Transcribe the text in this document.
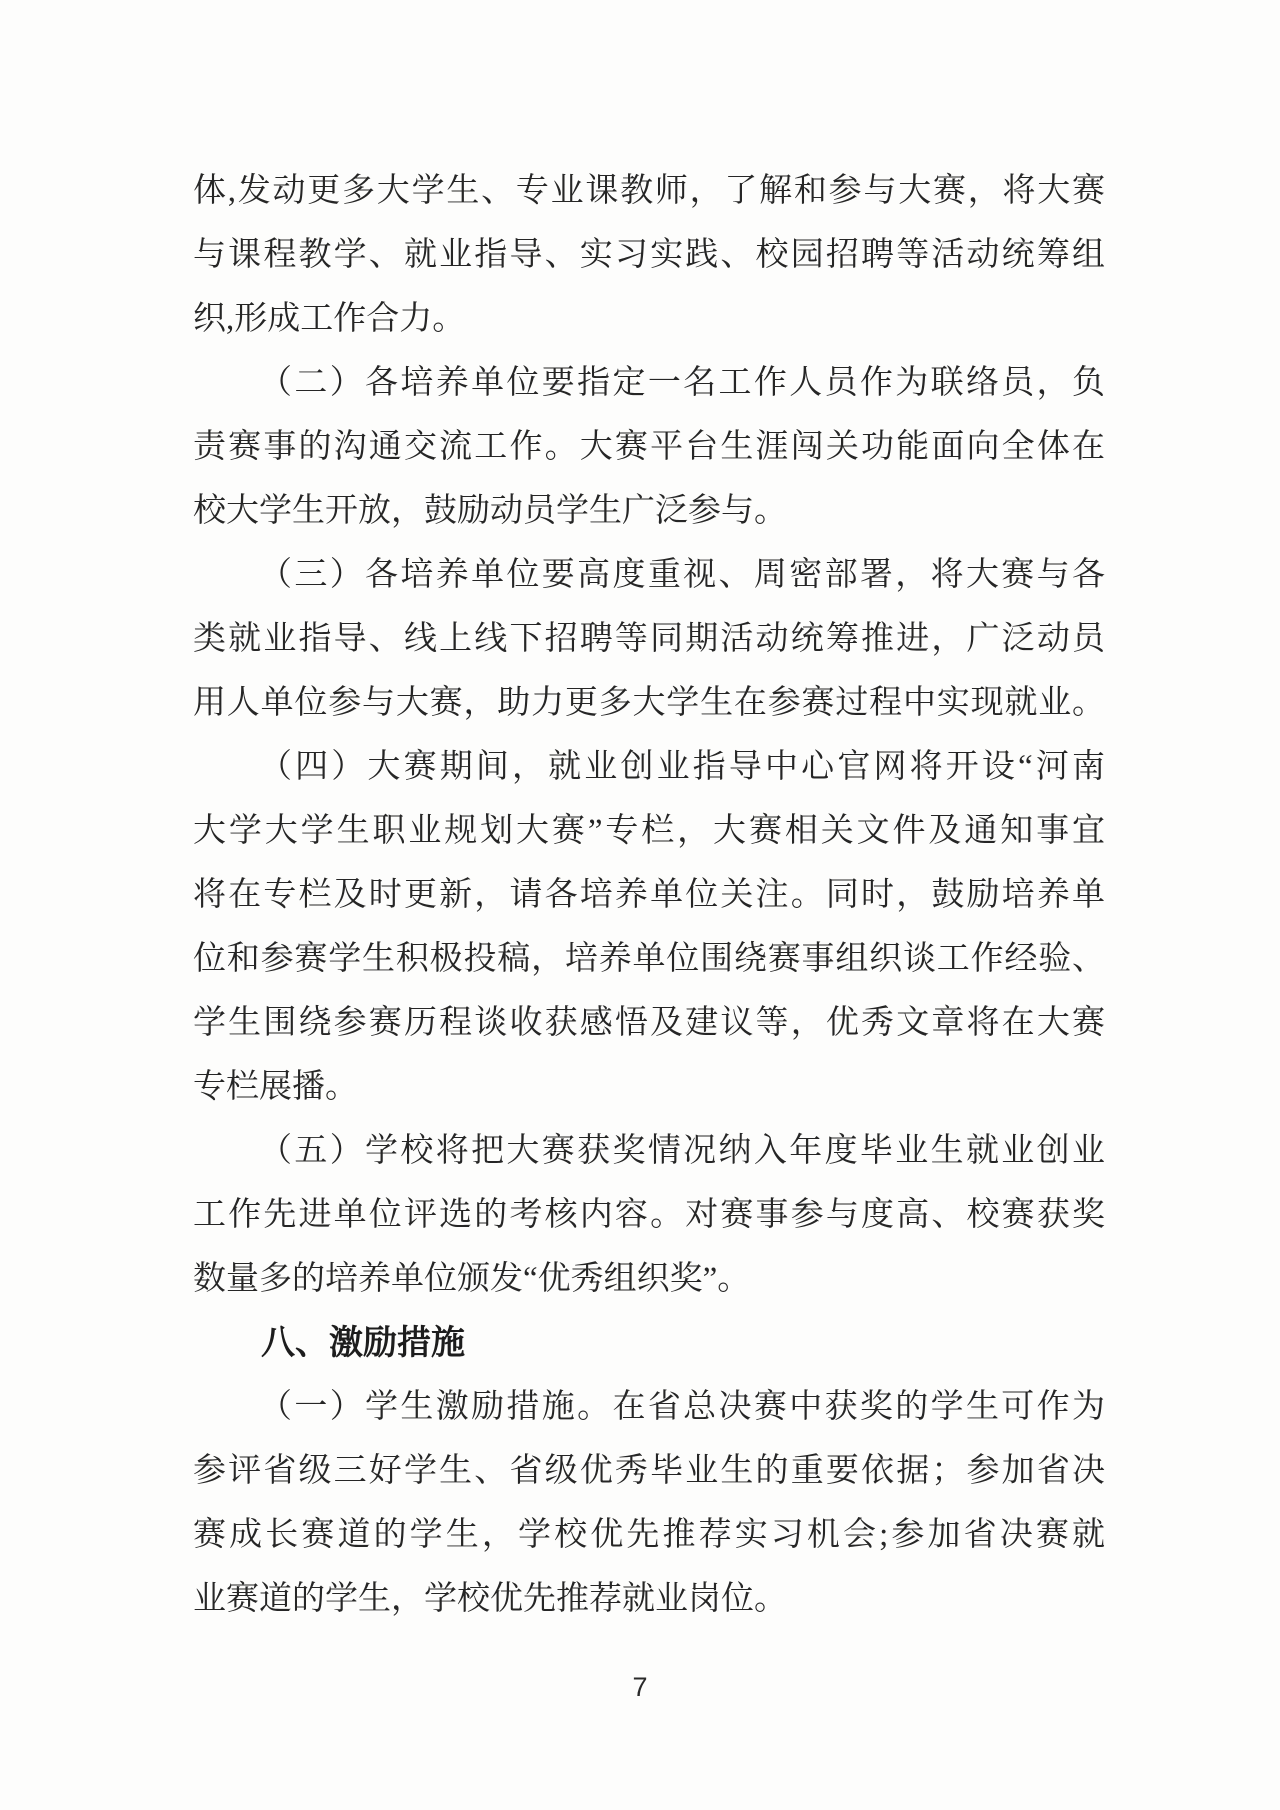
体,发动更多大学生、专业课教师，了解和参与大赛，将大赛
与课程教学、就业指导、实习实践、校园招聘等活动统筹组
织,形成工作合力。
（二）各培养单位要指定一名工作人员作为联络员，负
责赛事的沟通交流工作。大赛平台生涯闯关功能面向全体在
校大学生开放，鼓励动员学生广泛参与。
（三）各培养单位要高度重视、周密部署，将大赛与各
类就业指导、线上线下招聘等同期活动统筹推进，广泛动员
用人单位参与大赛，助力更多大学生在参赛过程中实现就业。
（四）大赛期间，就业创业指导中心官网将开设“河南
大学大学生职业规划大赛”专栏，大赛相关文件及通知事宜
将在专栏及时更新，请各培养单位关注。同时，鼓励培养单
位和参赛学生积极投稿，培养单位围绕赛事组织谈工作经验、
学生围绕参赛历程谈收获感悟及建议等，优秀文章将在大赛
专栏展播。
（五）学校将把大赛获奖情况纳入年度毕业生就业创业
工作先进单位评选的考核内容。对赛事参与度高、校赛获奖
数量多的培养单位颁发“优秀组织奖”。
八、激励措施
（一）学生激励措施。在省总决赛中获奖的学生可作为
参评省级三好学生、省级优秀毕业生的重要依据；参加省决
赛成长赛道的学生，学校优先推荐实习机会;参加省决赛就
业赛道的学生，学校优先推荐就业岗位。
7
